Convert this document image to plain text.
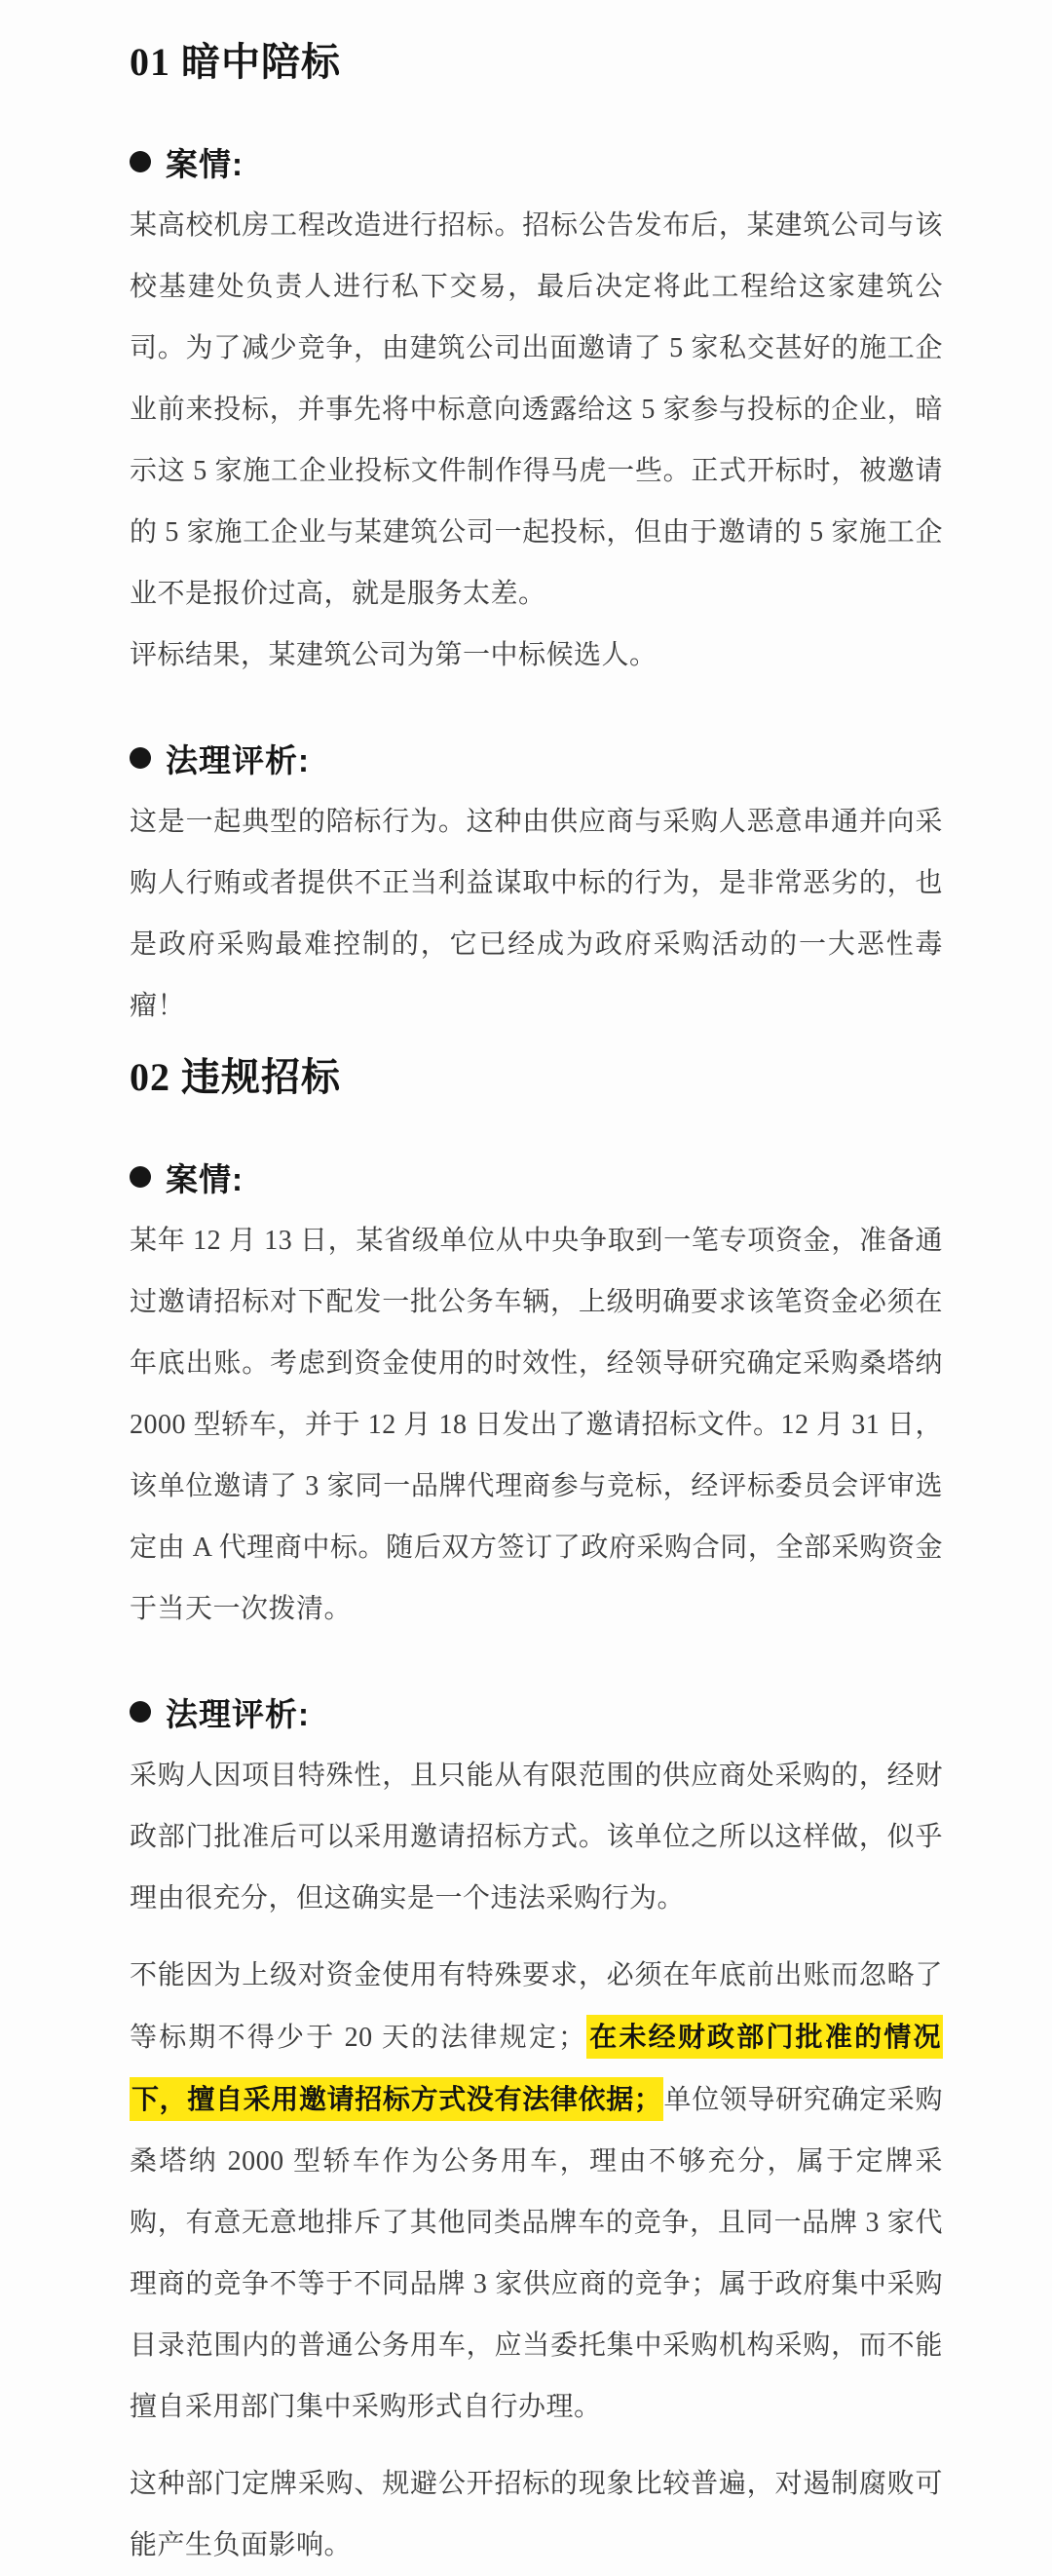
01 暗中陪标
案情:

某高校机房工程改造进行招标。招标公告发布后，某建筑公司与该校基建处负责人进行私下交易，最后决定将此工程给这家建筑公司。为了减少竞争，由建筑公司出面邀请了 5 家私交甚好的施工企业前来投标，并事先将中标意向透露给这 5 家参与投标的企业，暗示这 5 家施工企业投标文件制作得马虎一些。正式开标时，被邀请的 5 家施工企业与某建筑公司一起投标，但由于邀请的 5 家施工企业不是报价过高，就是服务太差。

评标结果，某建筑公司为第一中标候选人。

法理评析:

这是一起典型的陪标行为。这种由供应商与采购人恶意串通并向采购人行贿或者提供不正当利益谋取中标的行为，是非常恶劣的，也是政府采购最难控制的，它已经成为政府采购活动的一大恶性毒瘤！

02 违规招标
案情:

某年 12 月 13 日，某省级单位从中央争取到一笔专项资金，准备通过邀请招标对下配发一批公务车辆，上级明确要求该笔资金必须在年底出账。考虑到资金使用的时效性，经领导研究确定采购桑塔纳 2000 型轿车，并于 12 月 18 日发出了邀请招标文件。12 月 31 日，该单位邀请了 3 家同一品牌代理商参与竞标，经评标委员会评审选定由 A 代理商中标。随后双方签订了政府采购合同，全部采购资金于当天一次拨清。

法理评析:

采购人因项目特殊性，且只能从有限范围的供应商处采购的，经财政部门批准后可以采用邀请招标方式。该单位之所以这样做，似乎理由很充分，但这确实是一个违法采购行为。

不能因为上级对资金使用有特殊要求，必须在年底前出账而忽略了等标期不得少于 20 天的法律规定；在未经财政部门批准的情况下，擅自采用邀请招标方式没有法律依据；单位领导研究确定采购桑塔纳 2000 型轿车作为公务用车，理由不够充分，属于定牌采购，有意无意地排斥了其他同类品牌车的竞争，且同一品牌 3 家代理商的竞争不等于不同品牌 3 家供应商的竞争；属于政府集中采购目录范围内的普通公务用车，应当委托集中采购机构采购，而不能擅自采用部门集中采购形式自行办理。

这种部门定牌采购、规避公开招标的现象比较普遍，对遏制腐败可能产生负面影响。
